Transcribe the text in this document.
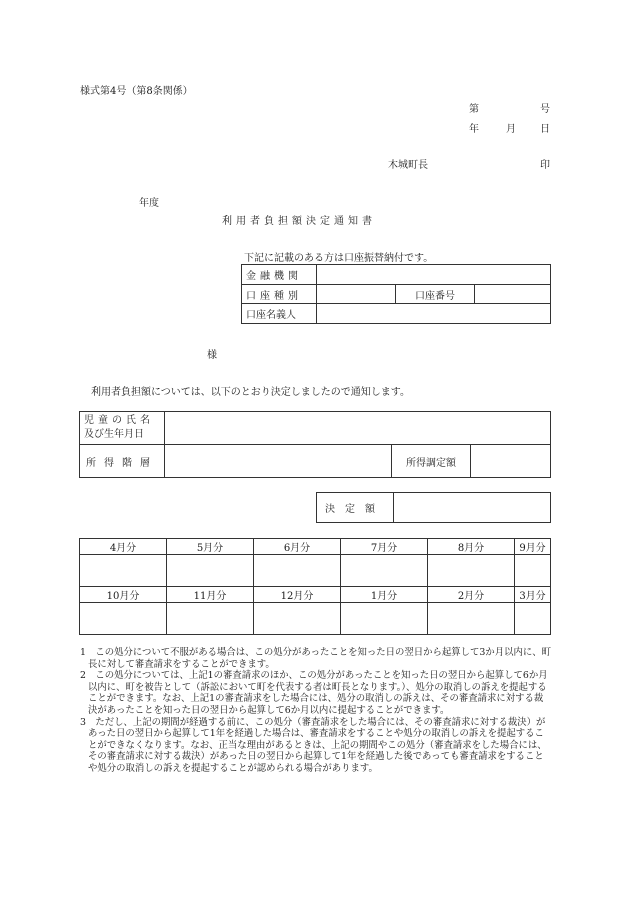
様式第4号（第8条関係）
第	号
年	月 日
木城町長	印
年度
利用者負担額決定通知書
下記に記載のある方は口座振替納付です。
金融機関			
口座種別		口座番号	
口座名義人			
様
利用者負担額については、以下のとおり決定しましたので通知します。
児童の氏名
及び生年月日			

所得階層		所得調定額	
決定額	
4月分	5月分	6月分	7月分	8月分	9月分

10月分	11月分	12月分	1月分	2月分	3月分

1　この処分について不服がある場合は、この処分があったことを知った日の翌日から起算して3か月以内に、町長に対して審査請求をすることができます。

2　この処分については、上記1の審査請求のほか、この処分があったことを知った日の翌日から起算して6か月以内に、町を被告として（訴訟において町を代表する者は町長となります。）、処分の取消しの訴えを提起することができます。なお、上記1の審査請求をした場合には、処分の取消しの訴えは、その審査請求に対する裁決があったことを知った日の翌日から起算して6か月以内に提起することができます。

3　ただし、上記の期間が経過する前に、この処分（審査請求をした場合には、その審査請求に対する裁決）があった日の翌日から起算して1年を経過した場合は、審査請求をすることや処分の取消しの訴えを提起することができなくなります。なお、正当な理由があるときは、上記の期間やこの処分（審査請求をした場合には、その審査請求に対する裁決）があった日の翌日から起算して1年を経過した後であっても審査請求をすることや処分の取消しの訴えを提起することが認められる場合があります。
